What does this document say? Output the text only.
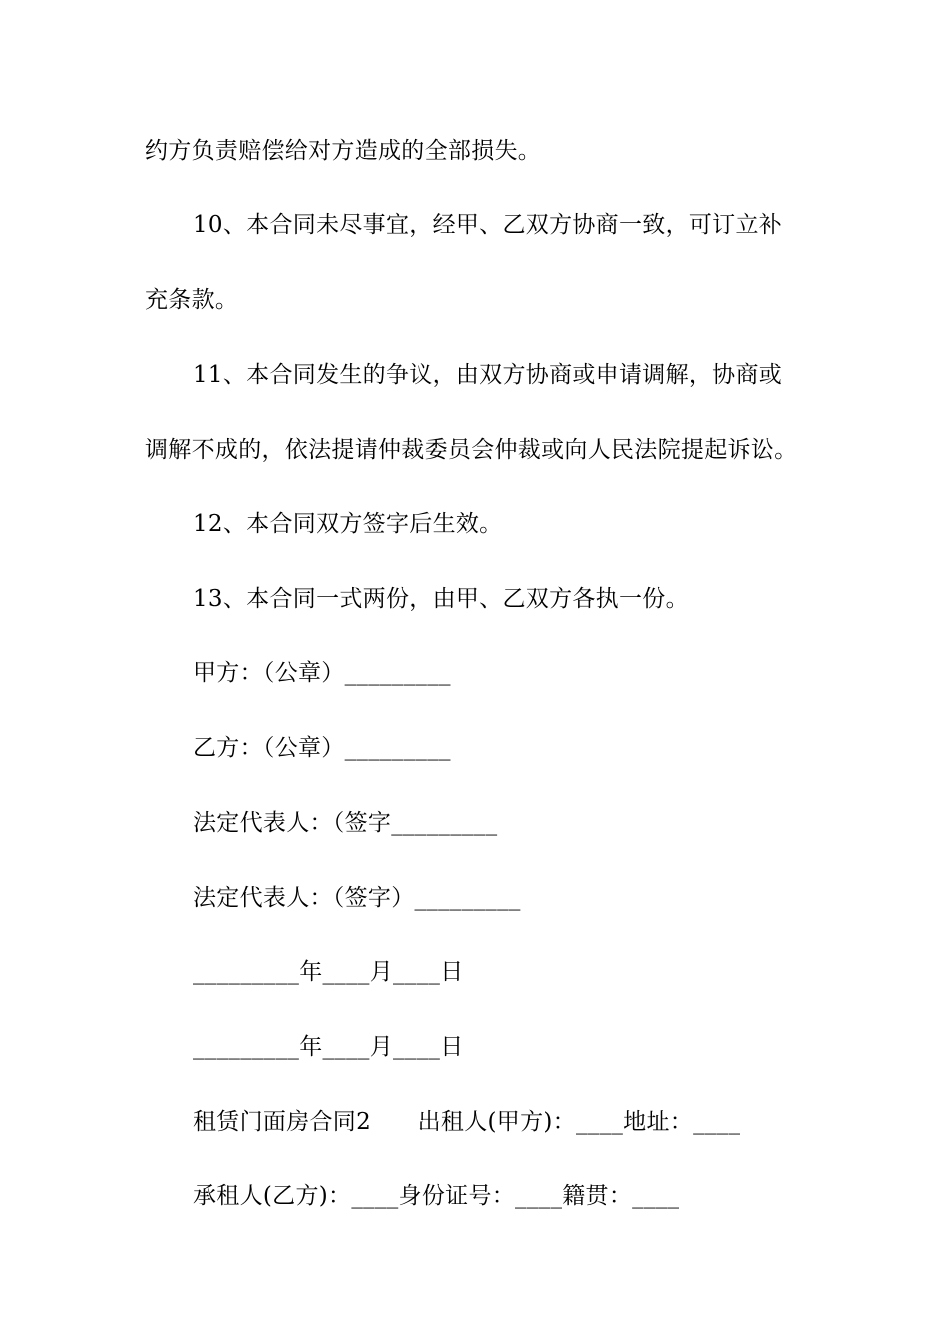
约方负责赔偿给对方造成的全部损失。
10、本合同未尽事宜，经甲、乙双方协商一致，可订立补
充条款。
11、本合同发生的争议，由双方协商或申请调解，协商或
调解不成的，依法提请仲裁委员会仲裁或向人民法院提起诉讼。
12、本合同双方签字后生效。
13、本合同一式两份，由甲、乙双方各执一份。
甲方：（公章）_________
乙方：（公章）_________
法定代表人：（签字_________
法定代表人：（签字）_________
_________年____月____日
_________年____月____日
租赁门面房合同2　　出租人(甲方)：____地址：____
承租人(乙方)：____身份证号：____籍贯：____
